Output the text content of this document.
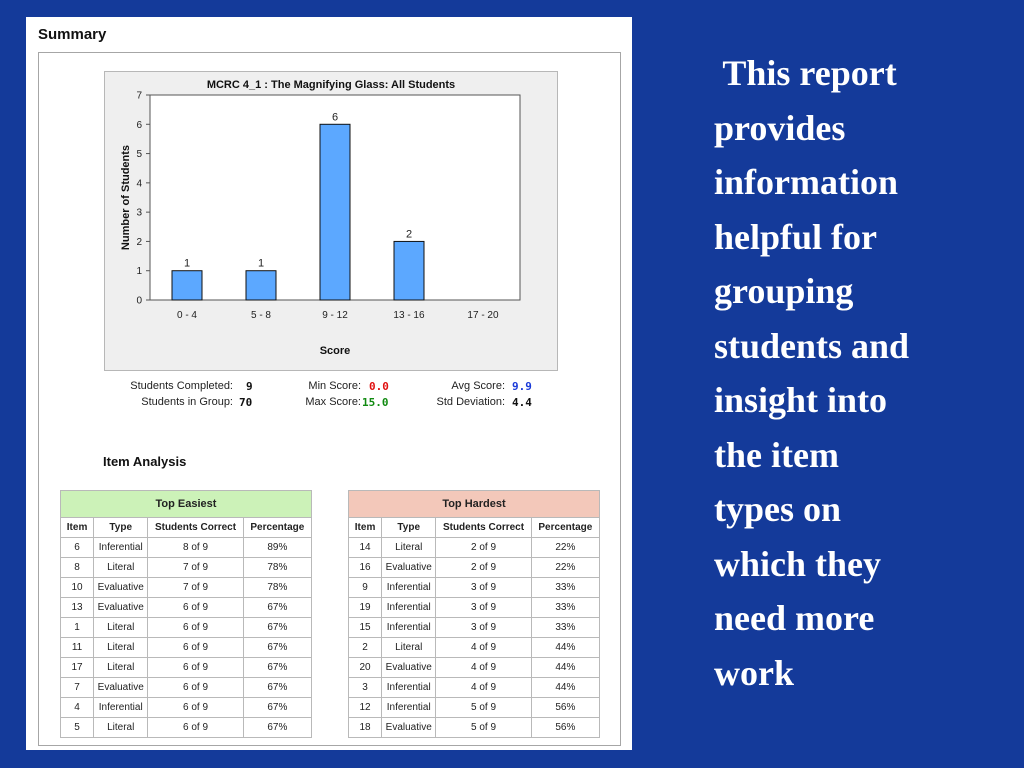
Summary
MCRC 4_1 : The Magnifying Glass: All Students
0
1
2
3
4
5
6
7
1
0 - 4
1
5 - 8
6
9 - 12
2
13 - 16	17 - 20
Score
Number of Students
Students Completed: 9
Students in Group: 70
Min Score: 0.0
Max Score: 15.0
Avg Score: 9.9
Std Deviation: 4.4
Item Analysis
Top Easiest			
Item	Type	Students Correct	Percentage
6	Inferential	8 of 9	89%
8	Literal	7 of 9	78%
10	Evaluative	7 of 9	78%
13	Evaluative	6 of 9	67%
1	Literal	6 of 9	67%
11	Literal	6 of 9	67%
17	Literal	6 of 9	67%
7	Evaluative	6 of 9	67%
4	Inferential	6 of 9	67%
5	Literal	6 of 9	67%
Top Hardest			
Item	Type	Students Correct	Percentage
14	Literal	2 of 9	22%
16	Evaluative	2 of 9	22%
9	Inferential	3 of 9	33%
19	Inferential	3 of 9	33%
15	Inferential	3 of 9	33%
2	Literal	4 of 9	44%
20	Evaluative	4 of 9	44%
3	Inferential	4 of 9	44%
12	Inferential	5 of 9	56%
18	Evaluative	5 of 9	56%
This report
provides
information
helpful for
grouping
students and
insight into
the item
types on
which they
need more
work
